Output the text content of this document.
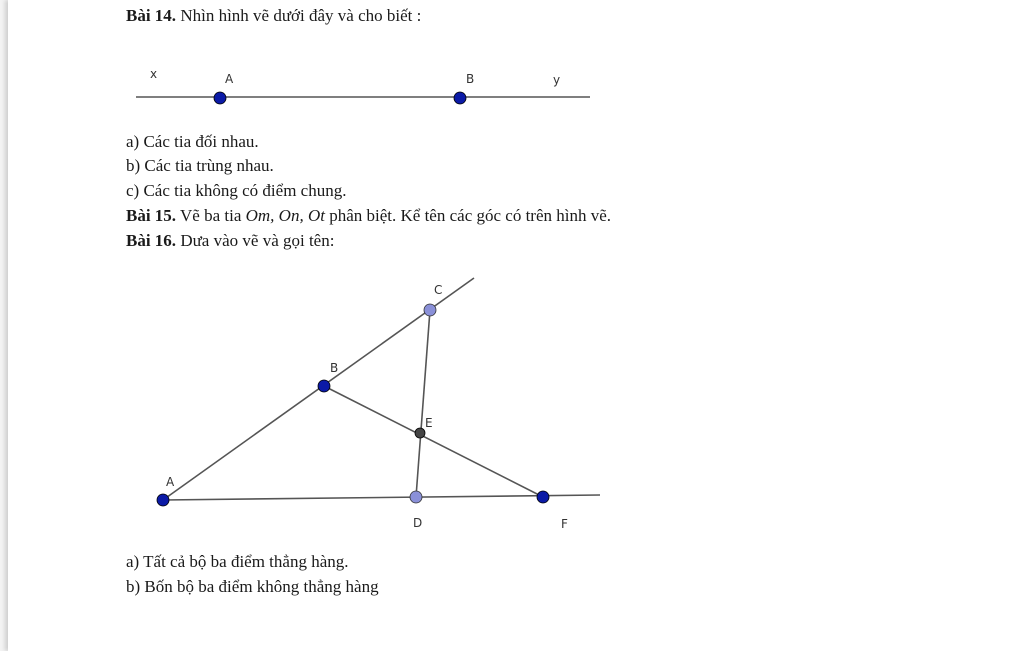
Bài 14. Nhìn hình vẽ dưới đây và cho biết :
x	A	B	y
a) Các tia đối nhau.
b) Các tia trùng nhau.
c) Các tia không có điểm chung.
Bài 15. Vẽ ba tia Om, On, Ot phân biệt. Kể tên các góc có trên hình vẽ.
Bài 16. Dưa vào vẽ và gọi tên:
C
B
E
A
D	F
a) Tất cả bộ ba điểm thẳng hàng.
b) Bốn bộ ba điểm không thẳng hàng
